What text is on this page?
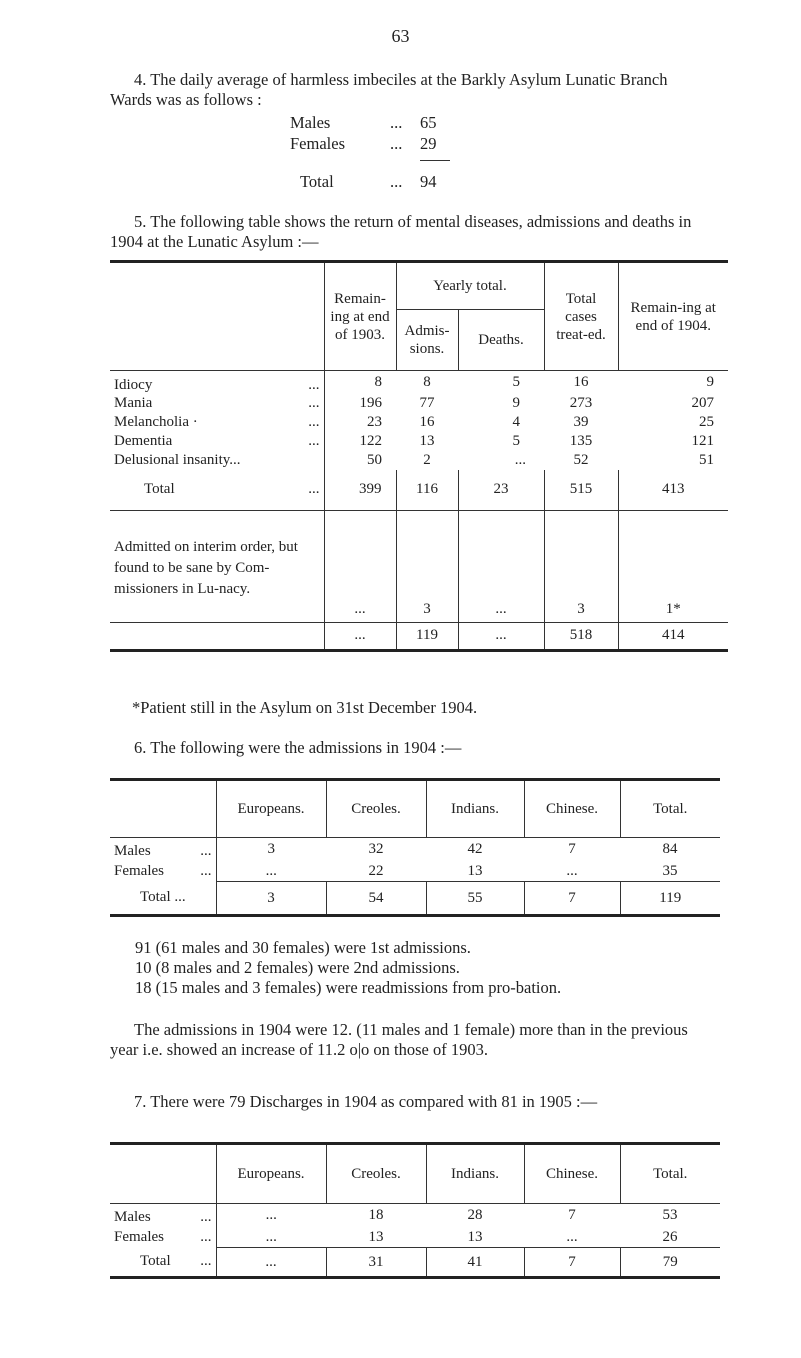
63
4. The daily average of harmless imbeciles at the Barkly Asylum Lunatic Branch Wards was as follows :
Males	... 65
Females	... 29
Total	... 94
5. The following table shows the return of mental diseases, admissions and deaths in 1904 at the Lunatic Asylum :—
	Remain-ing at end of 1903.	Yearly total.		Total cases treat-ed.	Remain-ing at end of 1904.
		Admis-sions.	Deaths.		
Idiocy ...	8	8	5	16	9
Mania ...	196	77	9	273	207
Melancholia · ...	23	16	4	39	25
Dementia ...	122	13	5	135	121
Delusional insanity...	50	2	...	52	51
Total ...	399	116	23	515	413
Admitted on interim order, but found to be sane by Com-missioners in Lu-nacy.	...	3	...	3	1*
	...	119	...	518	414
*Patient still in the Asylum on 31st December 1904.
6. The following were the admissions in 1904 :—
	Europeans.	Creoles.	Indians.	Chinese.	Total.
Males ...	3	32	42	7	84
Females ...	...	22	13	...	35
Total ...	3	54	55	7	119
91 (61 males and 30 females) were 1st admissions.
10 (8 males and 2 females) were 2nd admissions.
18 (15 males and 3 females) were readmissions from pro-bation.
The admissions in 1904 were 12. (11 males and 1 female) more than in the previous year i.e. showed an increase of 11.2 o|o on those of 1903.
7. There were 79 Discharges in 1904 as compared with 81 in 1905 :—
	Europeans.	Creoles.	Indians.	Chinese.	Total.
Males ...	...	18	28	7	53
Females ...	...	13	13	...	26
Total ...	...	31	41	7	79
